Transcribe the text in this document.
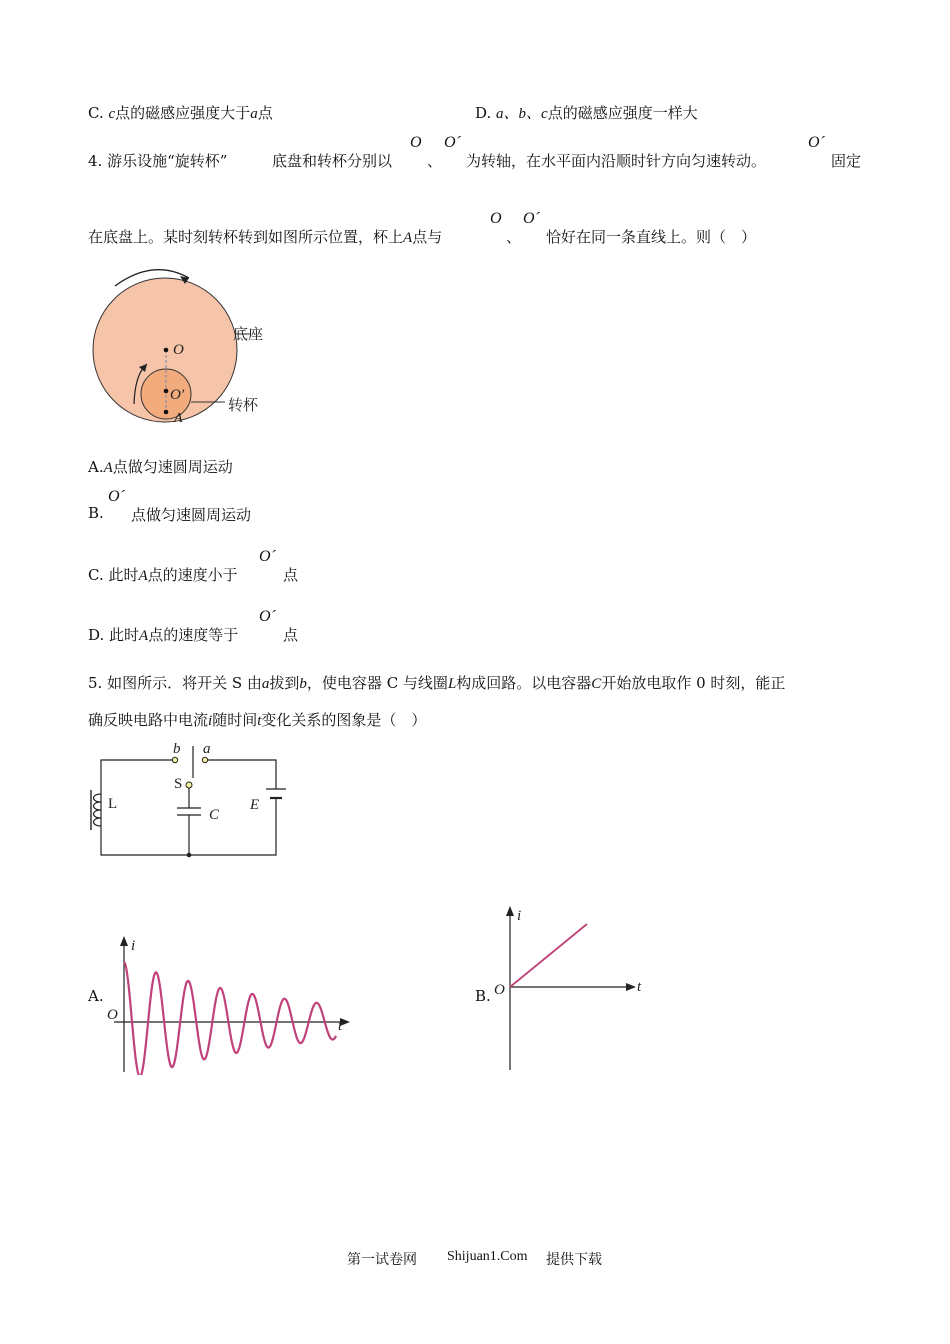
C. c点的磁感应强度大于a点	D. a、b、c点的磁感应强度一样大
4. 游乐设施“旋转杯”	底盘和转杯分别以
O
、
O´
为转轴，在水平面内沿顺时针方向匀速转动。
O´
固定
在底盘上。某时刻转杯转到如图所示位置，杯上A点与
O
、
O´
恰好在同一条直线上。则（　）
底座
O
O'
A
转杯
A.A点做匀速圆周运动
B.
O´
点做匀速圆周运动
C. 此时A点的速度小于
O´
点
D. 此时A点的速度等于
O´
点
5. 如图所示．将开关 S 由a拔到b，使电容器 C 与线圈L构成回路。以电容器C开始放电取作 0 时刻，能正
确反映电路中电流i随时间t变化关系的图象是（　）
b a
S
L
C
E
A.
i
O
t
B.
i
O	t
第一试卷网 Shijuan1.Com 提供下载
